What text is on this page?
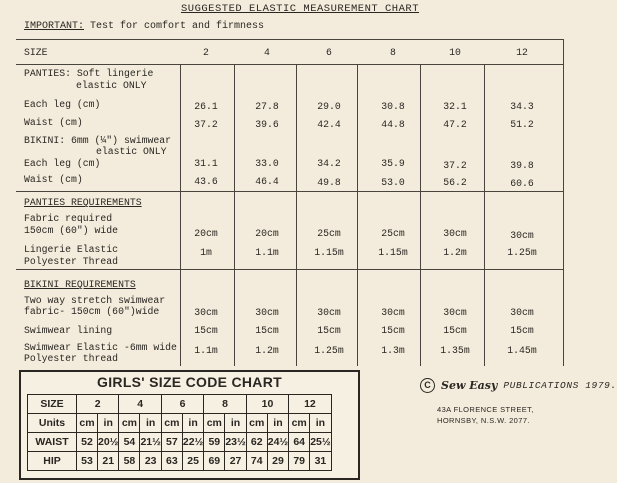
SUGGESTED ELASTIC MEASUREMENT CHART
IMPORTANT: Test for comfort and firmness
SIZE	2	4	6	8	10	12
PANTIES: Soft lingerie
elastic ONLY
Each leg (cm)	26.1	27.8	29.0	30.8	32.1	34.3
Waist (cm)	37.2	39.6	42.4	44.8	47.2	51.2
BIKINI: 6mm (¼") swimwear
elastic ONLY
Each leg (cm)	31.1	33.0	34.2	35.9	37.2	39.8
Waist (cm)	43.6	46.4	49.8	53.0	56.2	60.6
PANTIES REQUIREMENTS
Fabric required
150cm (60") wide	20cm	20cm	25cm	25cm	30cm	30cm
Lingerie Elastic
Polyester Thread
1m	1.1m	1.15m	1.15m	1.2m	1.25m
BIKINI REQUIREMENTS
Two way stretch swimwear
fabric- 150cm (60")wide	30cm	30cm	30cm	30cm	30cm	30cm
Swimwear lining	15cm	15cm	15cm	15cm	15cm	15cm
Swimwear Elastic -6mm wide
Polyester thread
1.1m	1.2m	1.25m	1.3m	1.35m	1.45m
GIRLS' SIZE CODE CHART
SIZE	2		4		6		8		10		12	
Units	cm	in	cm	in	cm	in	cm	in	cm	in	cm	in
WAIST	52	20½	54	21½	57	22½	59	23½	62	24½	64	25½
HIP	53	21	58	23	63	25	69	27	74	29	79	31
C Sew Easy PUBLICATIONS 1979.
43A FLORENCE STREET,
HORNSBY, N.S.W. 2077.
